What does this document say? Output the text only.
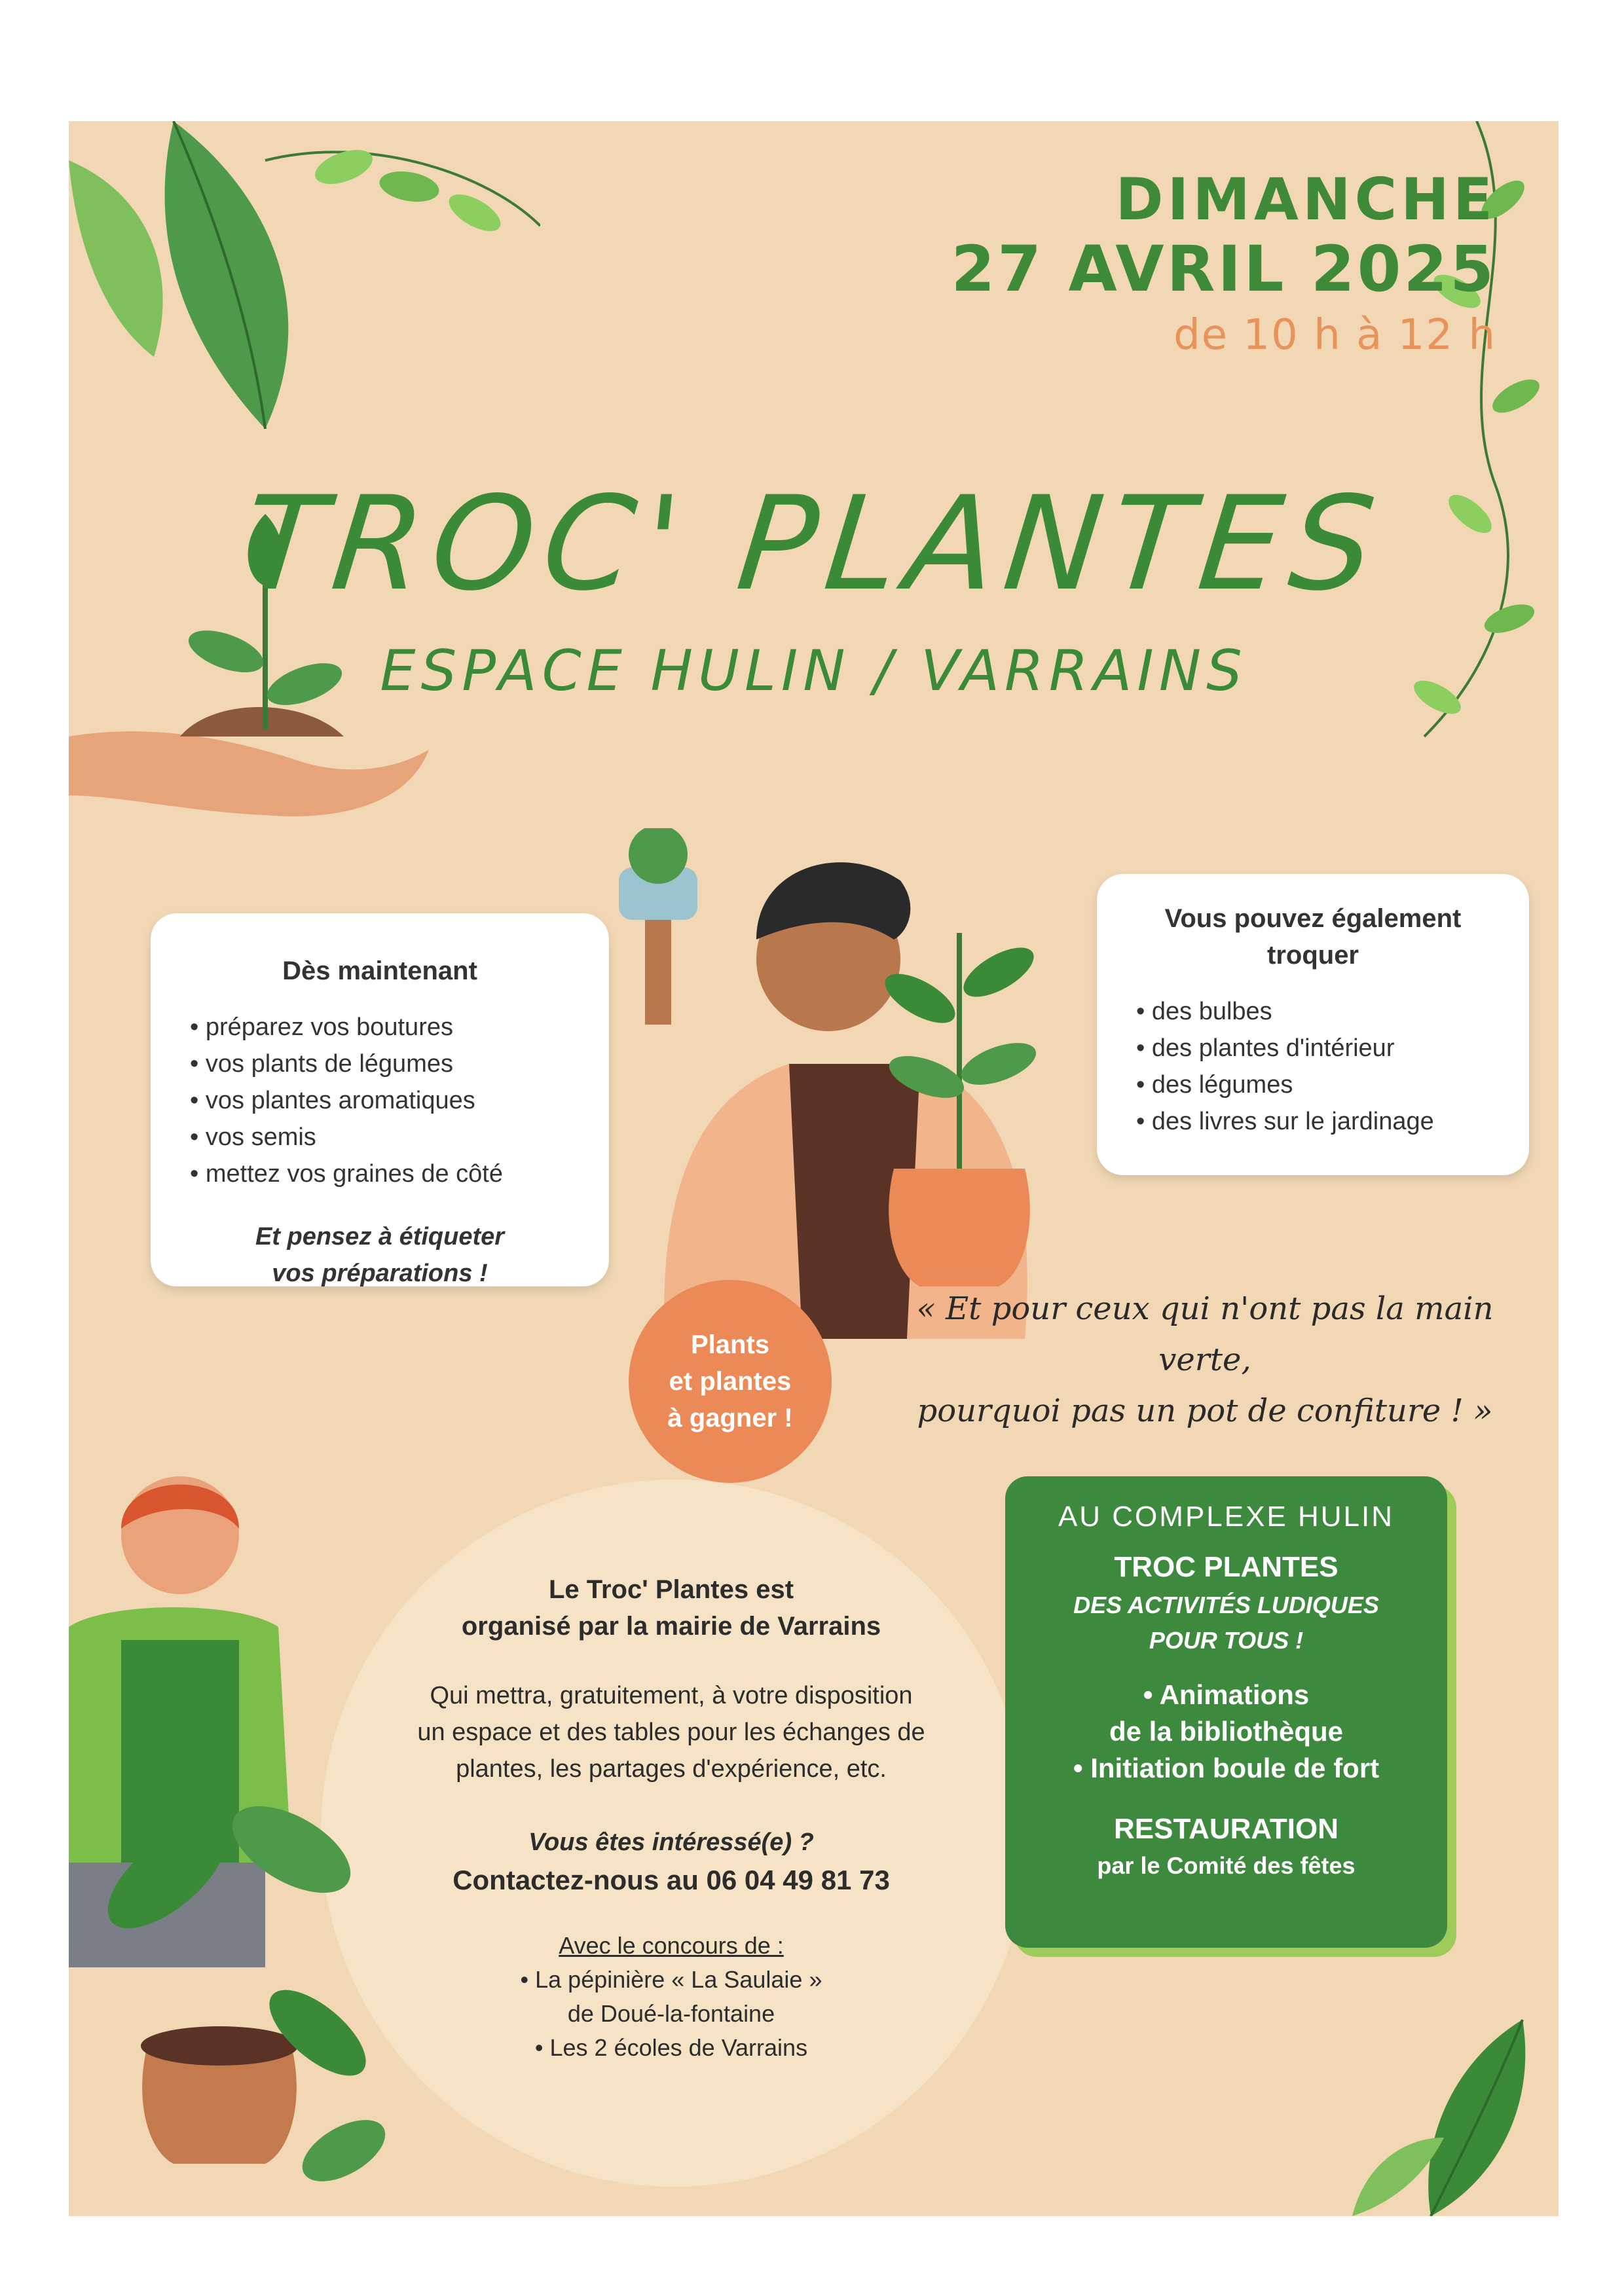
DIMANCHE
27 AVRIL 2025
de 10 h à 12 h
TROC' PLANTES
ESPACE HULIN / VARRAINS
Dès maintenant
• préparez vos boutures
• vos plants de légumes
• vos plantes aromatiques
• vos semis
• mettez vos graines de côté
Et pensez à étiqueter
vos préparations !
Vous pouvez également
troquer
• des bulbes
• des plantes d'intérieur
• des légumes
• des livres sur le jardinage
Plants
et plantes
à gagner !
« Et pour ceux qui n'ont pas la main verte,
pourquoi pas un pot de confiture ! »
Le Troc' Plantes est
organisé par la mairie de Varrains
Qui mettra, gratuitement, à votre disposition
un espace et des tables pour les échanges de
plantes, les partages d'expérience, etc.
Vous êtes intéressé(e) ?
Contactez-nous au 06 04 49 81 73
Avec le concours de :
• La pépinière « La Saulaie »
de Doué-la-fontaine
• Les 2 écoles de Varrains
AU COMPLEXE HULIN
TROC PLANTES
DES ACTIVITÉS LUDIQUES
POUR TOUS !
• Animations
de la bibliothèque
• Initiation boule de fort
RESTAURATION
par le Comité des fêtes
